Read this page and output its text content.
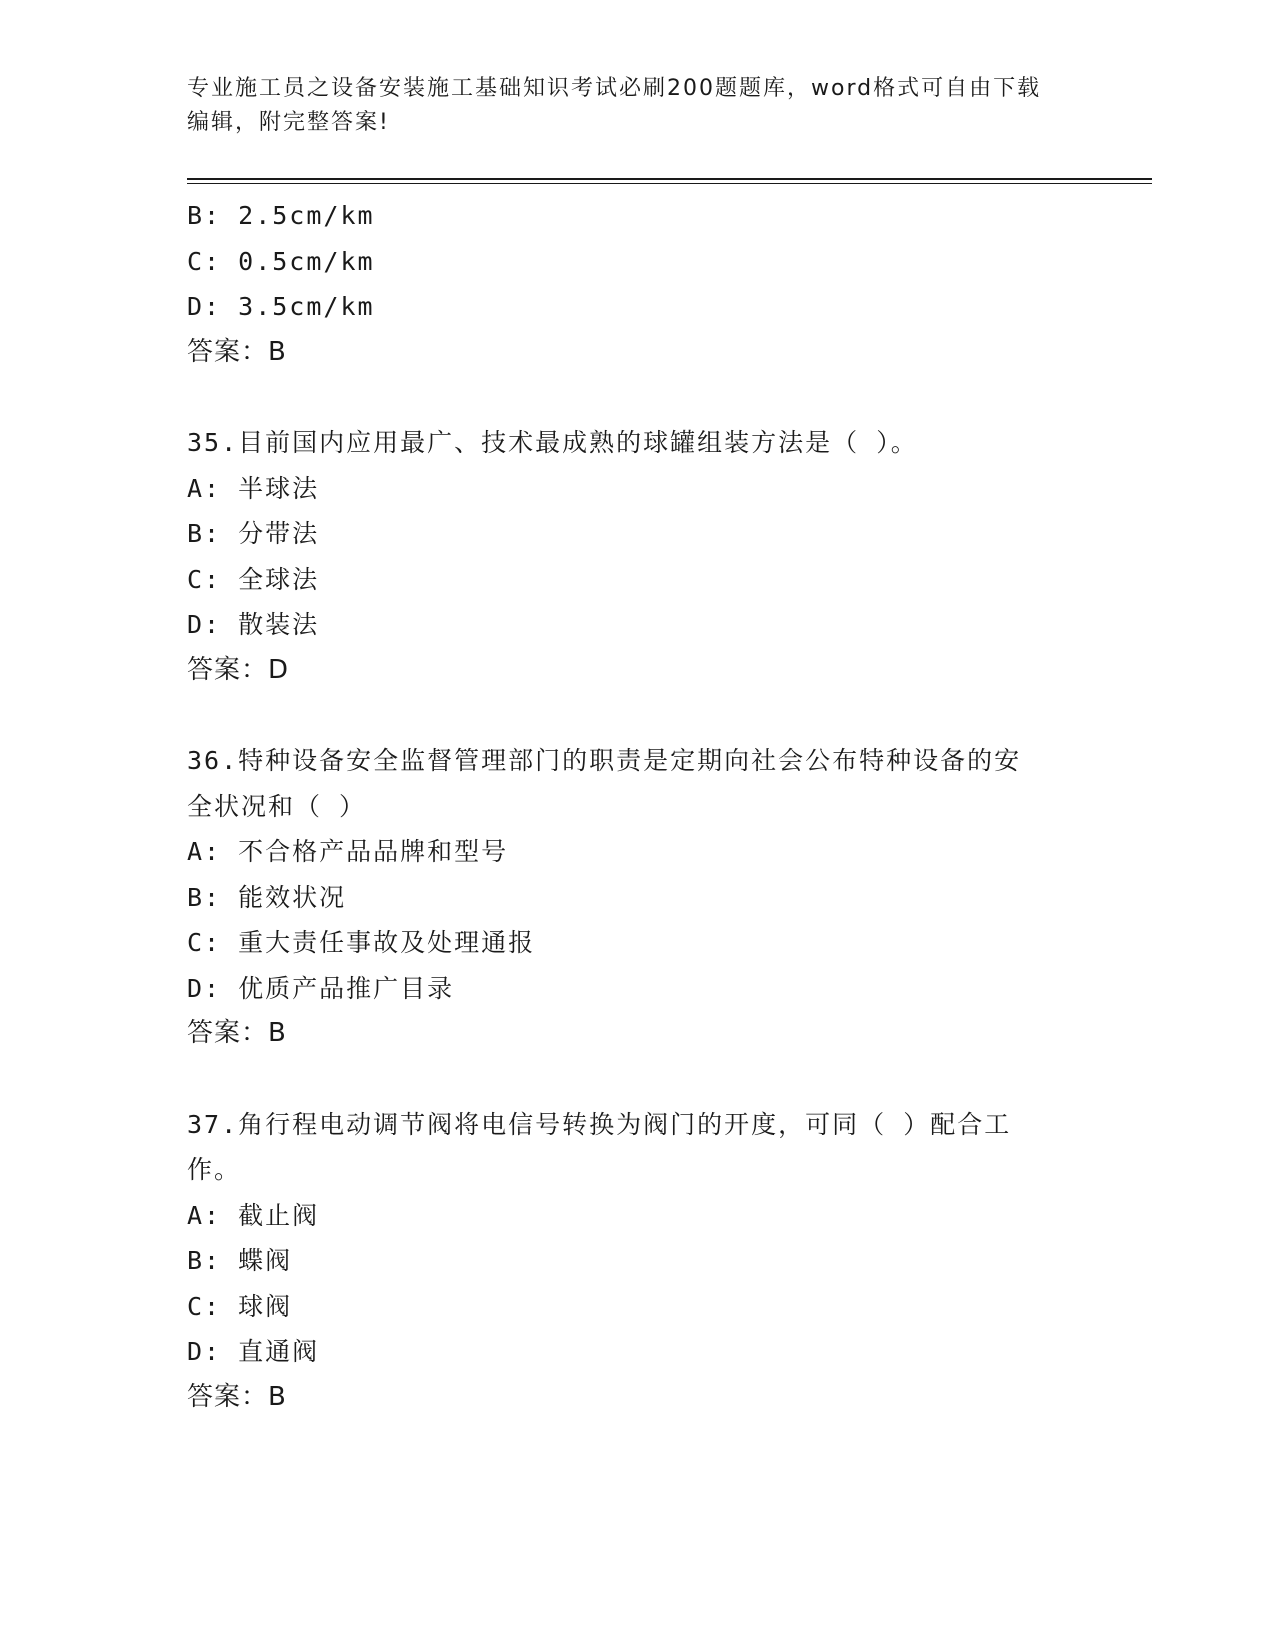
专业施工员之设备安装施工基础知识考试必刷200题题库，word格式可自由下载
编辑，附完整答案!
B: 2.5cm/km
C: 0.5cm/km
D: 3.5cm/km
答案：B
35.目前国内应用最广、技术最成熟的球罐组装方法是（ ）。
A: 半球法
B: 分带法
C: 全球法
D: 散装法
答案：D
36.特种设备安全监督管理部门的职责是定期向社会公布特种设备的安
全状况和（ ）
A: 不合格产品品牌和型号
B: 能效状况
C: 重大责任事故及处理通报
D: 优质产品推广目录
答案：B
37.角行程电动调节阀将电信号转换为阀门的开度，可同（ ）配合工
作。
A: 截止阀
B: 蝶阀
C: 球阀
D: 直通阀
答案：B
